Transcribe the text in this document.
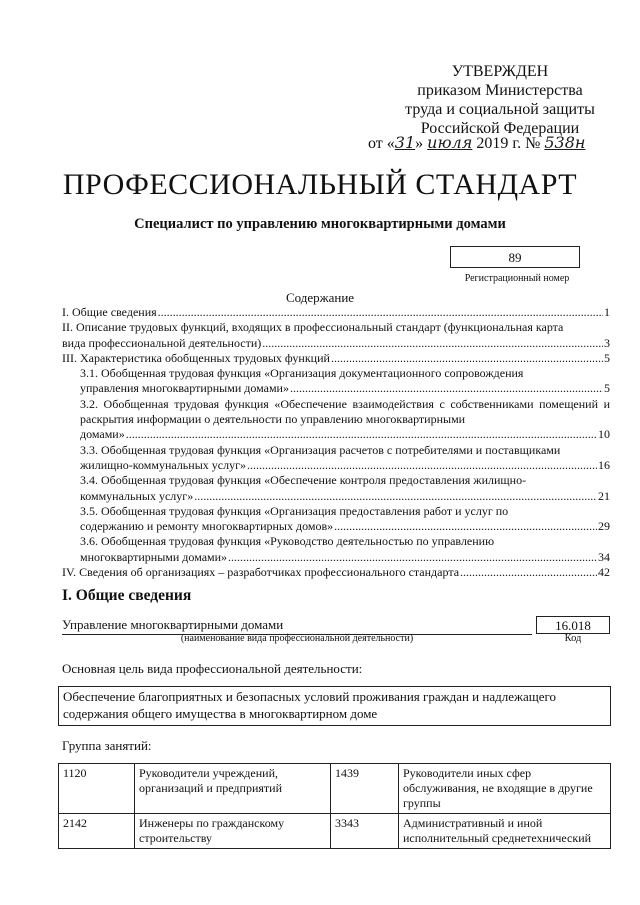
УТВЕРЖДЕН
приказом Министерства
труда и социальной защиты
Российской Федерации
от «31» июля 2019 г. № 538н
ПРОФЕССИОНАЛЬНЫЙ СТАНДАРТ
Специалист по управлению многоквартирными домами
89
Регистрационный номер
Содержание
I. Общие сведения .....	1
II. Описание трудовых функций, входящих в профессиональный стандарт (функциональная карта
вида профессиональной деятельности) .....	3
III. Характеристика обобщенных трудовых функций .....	5
3.1. Обобщенная трудовая функция «Организация документационного сопровождения
управления многоквартирными домами» .....	5
3.2. Обобщенная трудовая функция «Обеспечение взаимодействия с собственниками помещений и раскрытия информации о деятельности по управлению многоквартирными
домами» .....	10
3.3. Обобщенная трудовая функция «Организация расчетов с потребителями и поставщиками
жилищно-коммунальных услуг» .....	16
3.4. Обобщенная трудовая функция «Обеспечение контроля предоставления жилищно-
коммунальных услуг» .....	21
3.5. Обобщенная трудовая функция «Организация предоставления работ и услуг по
содержанию и ремонту многоквартирных домов» .....	29
3.6. Обобщенная трудовая функция «Руководство деятельностью по управлению
многоквартирными домами» .....	34
IV. Сведения об организациях – разработчиках профессионального стандарта .....	42
I. Общие сведения
Управление многоквартирными домами
(наименование вида профессиональной деятельности)
16.018
Код
Основная цель вида профессиональной деятельности:
Обеспечение благоприятных и безопасных условий проживания граждан и надлежащего содержания общего имущества в многоквартирном доме
Группа занятий:
1120	Руководители учреждений, организаций и предприятий	1439	Руководители иных сфер обслуживания, не входящие в другие группы
2142	Инженеры по гражданскому строительству	3343	Административный и иной исполнительный среднетехнический
